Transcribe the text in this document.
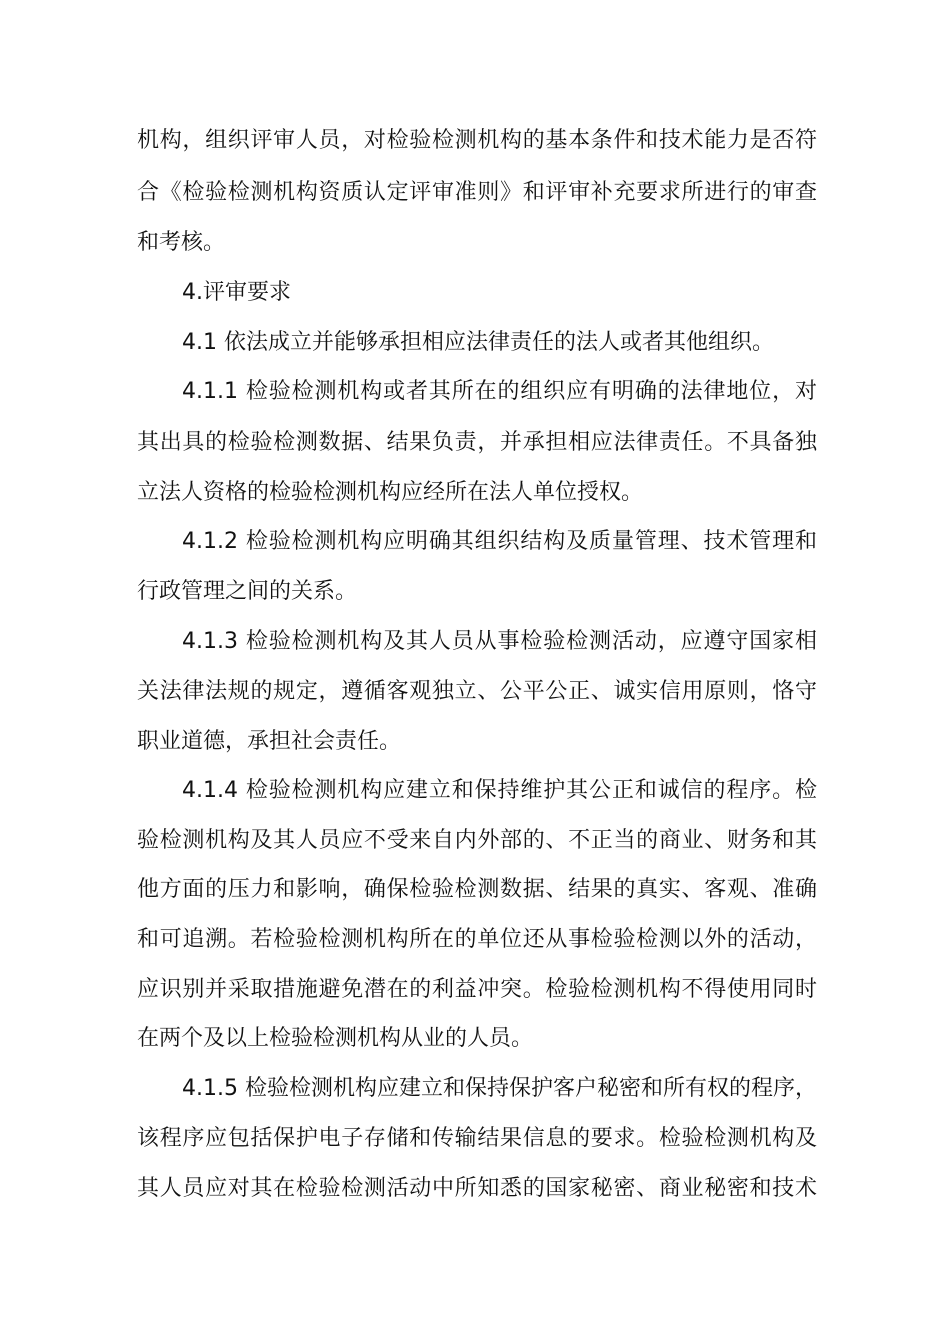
机构，组织评审人员，对检验检测机构的基本条件和技术能力是否符
合《检验检测机构资质认定评审准则》和评审补充要求所进行的审查
和考核。
4.评审要求
4.1 依法成立并能够承担相应法律责任的法人或者其他组织。
4.1.1 检验检测机构或者其所在的组织应有明确的法律地位，对
其出具的检验检测数据、结果负责，并承担相应法律责任。不具备独
立法人资格的检验检测机构应经所在法人单位授权。
4.1.2 检验检测机构应明确其组织结构及质量管理、技术管理和
行政管理之间的关系。
4.1.3 检验检测机构及其人员从事检验检测活动，应遵守国家相
关法律法规的规定，遵循客观独立、公平公正、诚实信用原则，恪守
职业道德，承担社会责任。
4.1.4 检验检测机构应建立和保持维护其公正和诚信的程序。检
验检测机构及其人员应不受来自内外部的、不正当的商业、财务和其
他方面的压力和影响，确保检验检测数据、结果的真实、客观、准确
和可追溯。若检验检测机构所在的单位还从事检验检测以外的活动，
应识别并采取措施避免潜在的利益冲突。检验检测机构不得使用同时
在两个及以上检验检测机构从业的人员。
4.1.5 检验检测机构应建立和保持保护客户秘密和所有权的程序，
该程序应包括保护电子存储和传输结果信息的要求。检验检测机构及
其人员应对其在检验检测活动中所知悉的国家秘密、商业秘密和技术
